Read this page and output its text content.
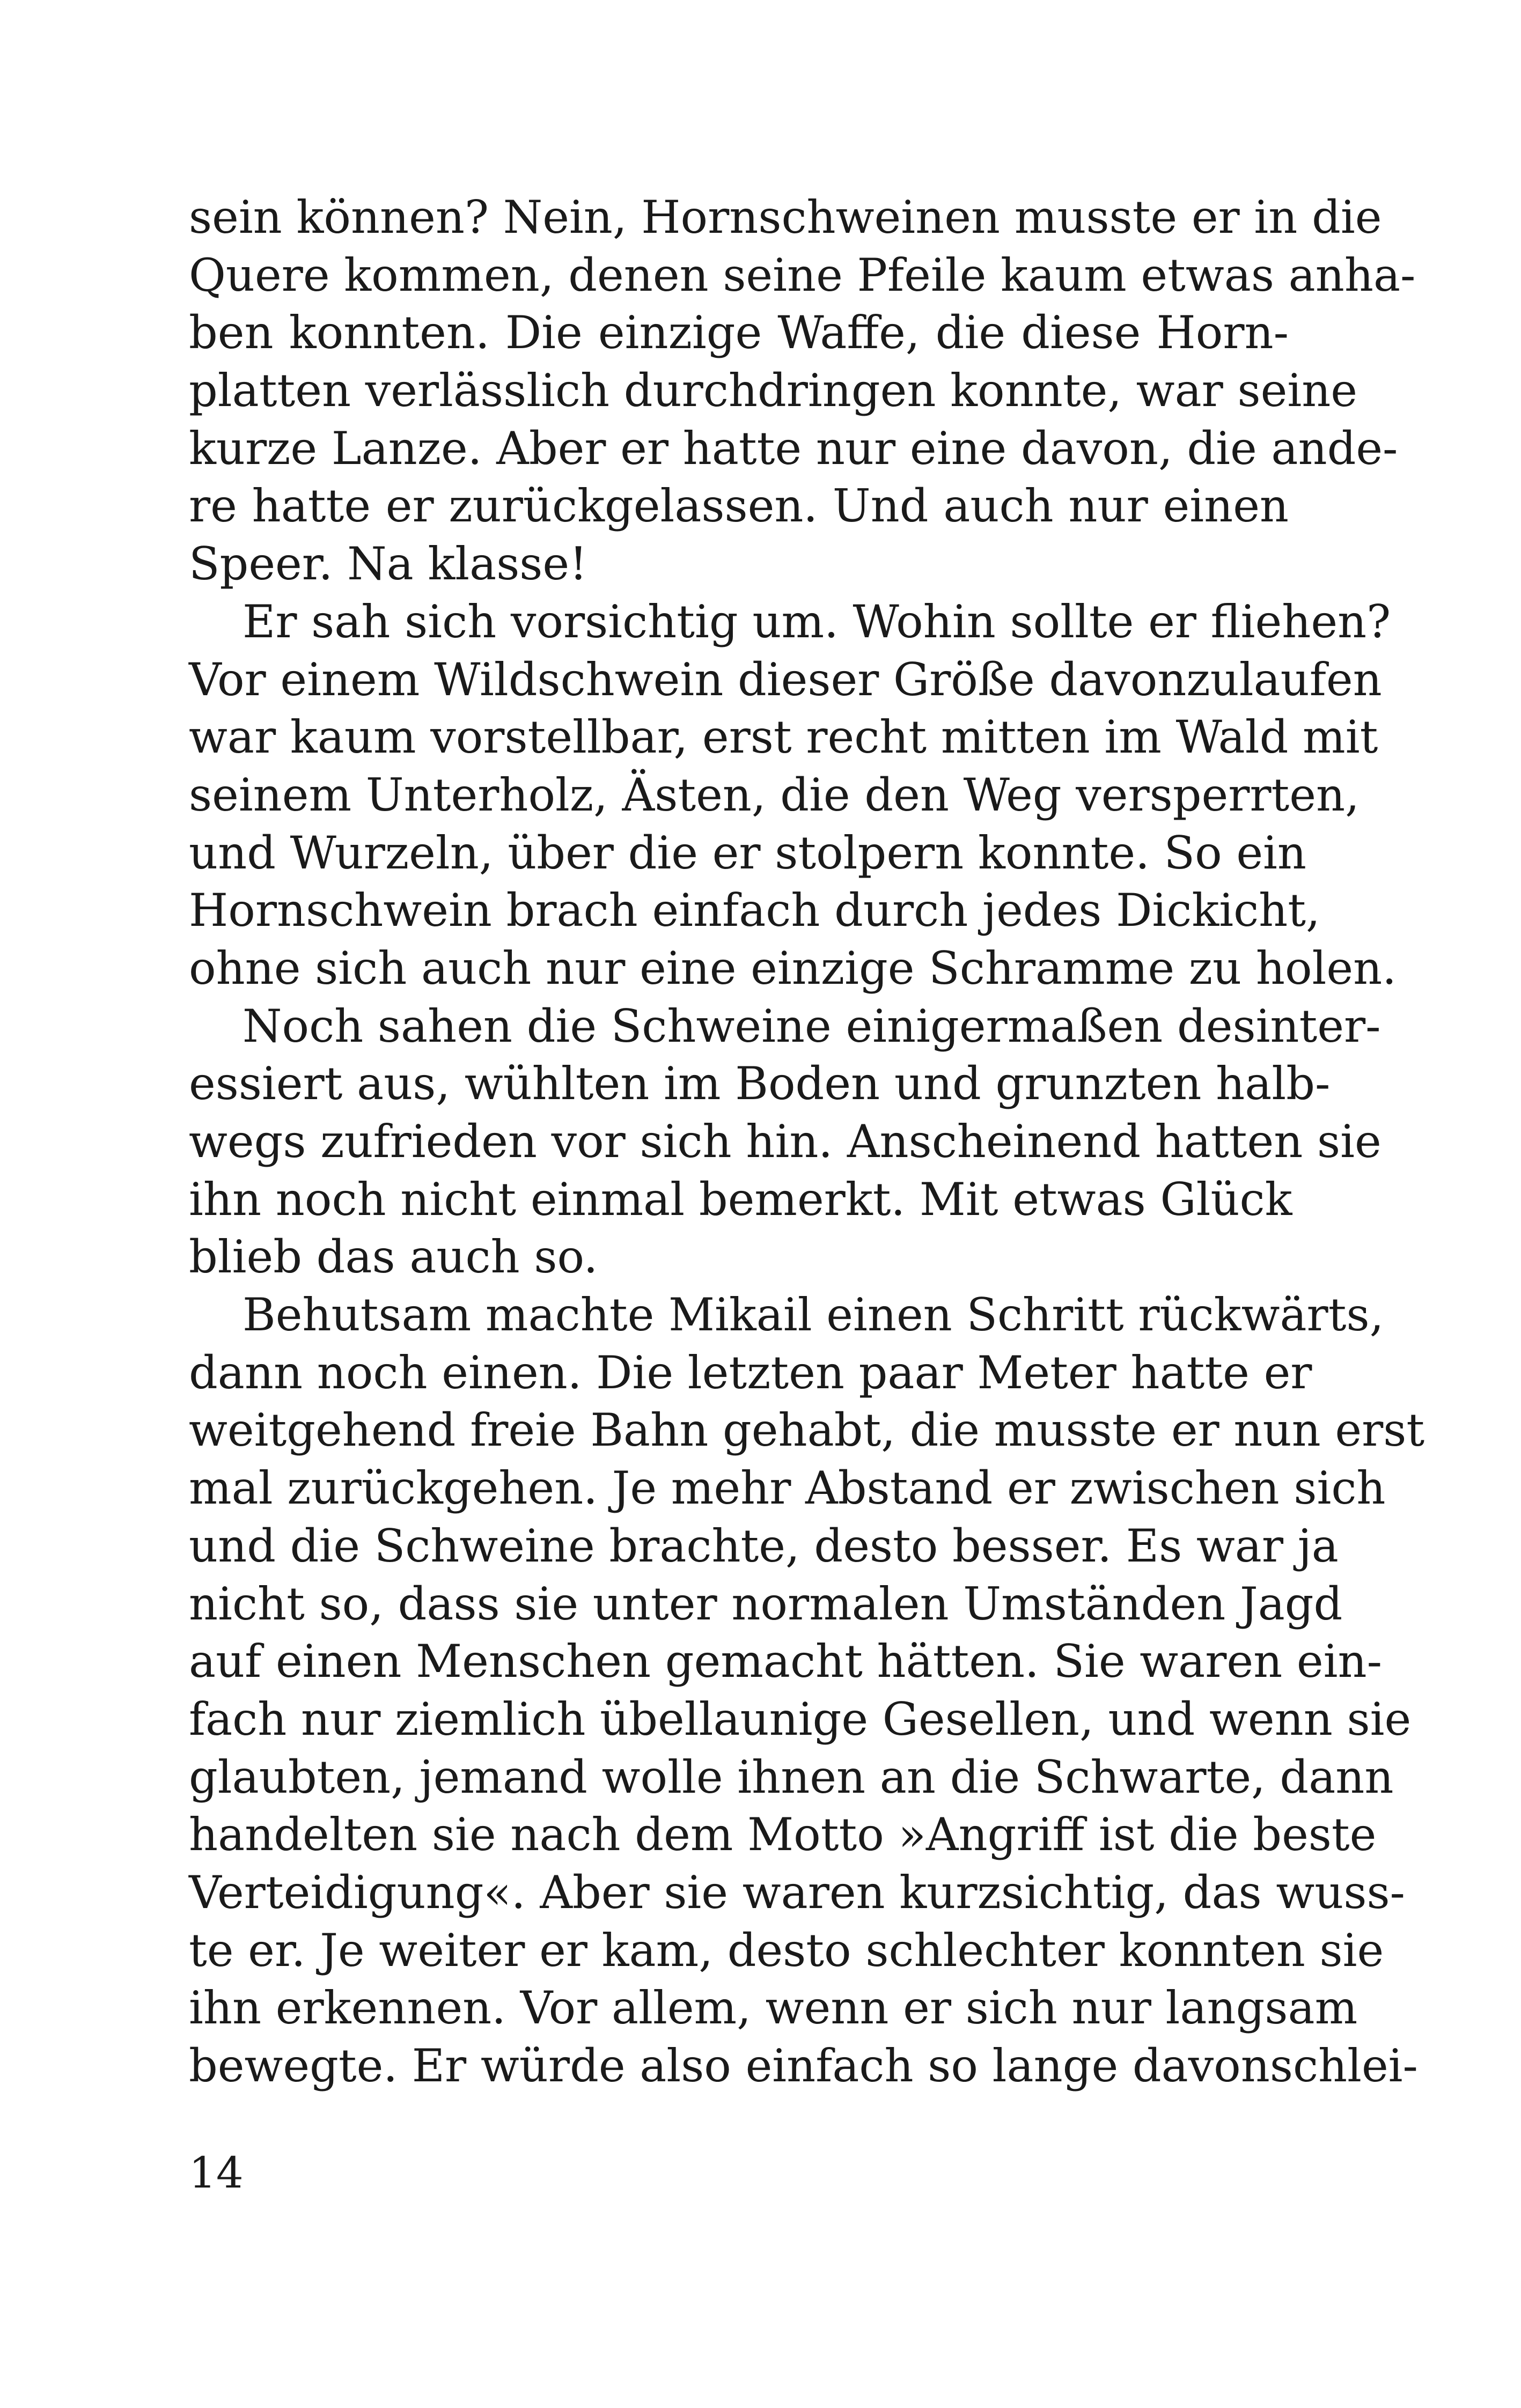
sein können? Nein, Hornschweinen musste er in die
Quere kommen, denen seine Pfeile kaum etwas anha-
ben konnten. Die einzige Waffe, die diese Horn-
platten verlässlich durchdringen konnte, war seine
kurze Lanze. Aber er hatte nur eine davon, die ande-
re hatte er zurückgelassen. Und auch nur einen
Speer. Na klasse!
Er sah sich vorsichtig um. Wohin sollte er fliehen?
Vor einem Wildschwein dieser Größe davonzulaufen
war kaum vorstellbar, erst recht mitten im Wald mit
seinem Unterholz, Ästen, die den Weg versperrten,
und Wurzeln, über die er stolpern konnte. So ein
Hornschwein brach einfach durch jedes Dickicht,
ohne sich auch nur eine einzige Schramme zu holen.
Noch sahen die Schweine einigermaßen desinter-
essiert aus, wühlten im Boden und grunzten halb-
wegs zufrieden vor sich hin. Anscheinend hatten sie
ihn noch nicht einmal bemerkt. Mit etwas Glück
blieb das auch so.
Behutsam machte Mikail einen Schritt rückwärts,
dann noch einen. Die letzten paar Meter hatte er
weitgehend freie Bahn gehabt, die musste er nun erst
mal zurückgehen. Je mehr Abstand er zwischen sich
und die Schweine brachte, desto besser. Es war ja
nicht so, dass sie unter normalen Umständen Jagd
auf einen Menschen gemacht hätten. Sie waren ein-
fach nur ziemlich übellaunige Gesellen, und wenn sie
glaubten, jemand wolle ihnen an die Schwarte, dann
handelten sie nach dem Motto »Angriff ist die beste
Verteidigung«. Aber sie waren kurzsichtig, das wuss-
te er. Je weiter er kam, desto schlechter konnten sie
ihn erkennen. Vor allem, wenn er sich nur langsam
bewegte. Er würde also einfach so lange davonschlei-
14
